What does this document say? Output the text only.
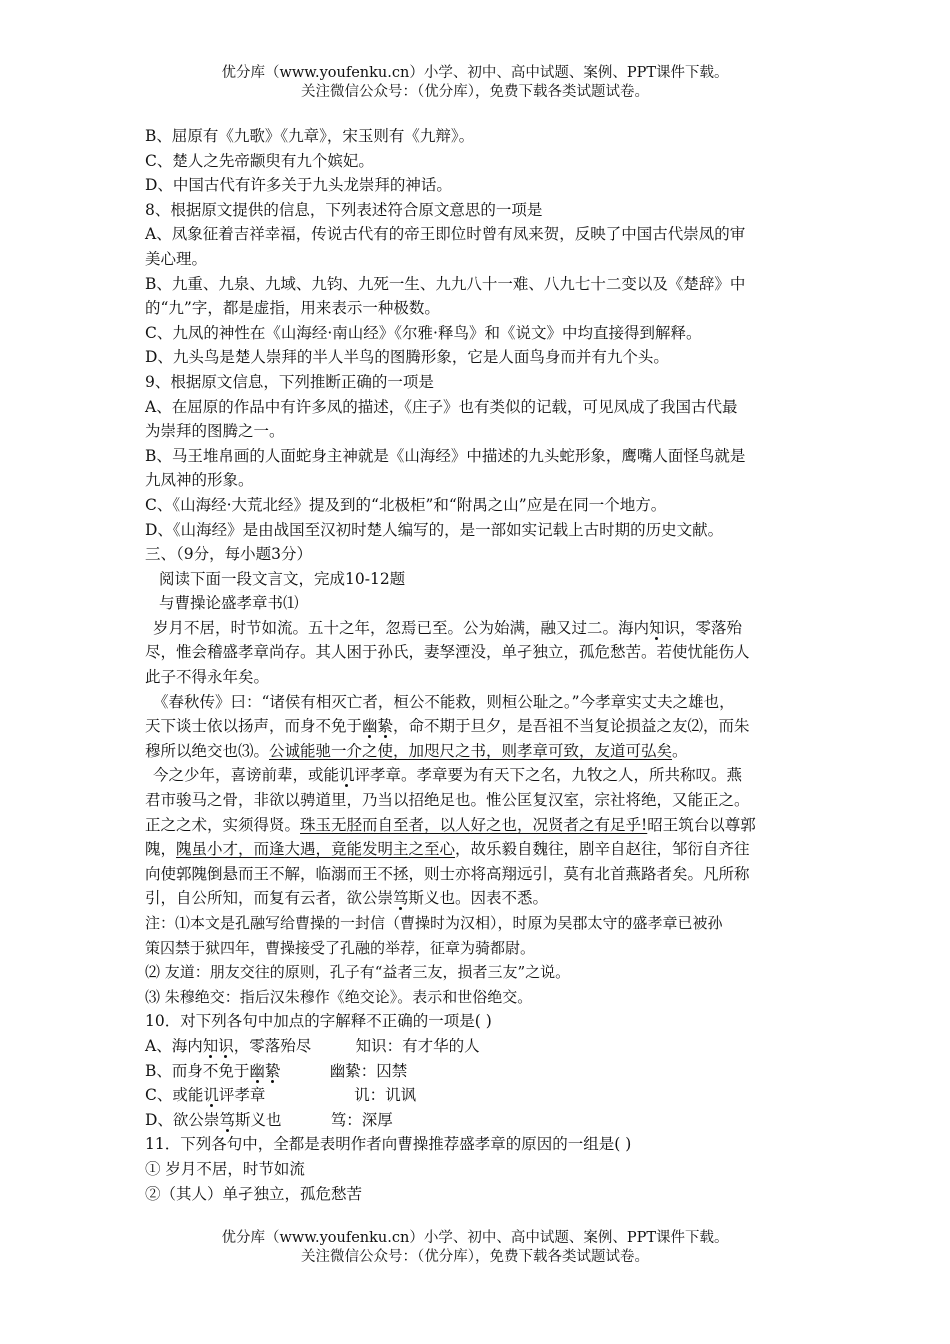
优分库（www.youfenku.cn）小学、初中、高中试题、案例、PPT课件下载。
关注微信公众号：（优分库），免费下载各类试题试卷。
B、屈原有《九歌》《九章》，宋玉则有《九辩》。
C、楚人之先帝颛臾有九个嫔妃。
D、中国古代有许多关于九头龙崇拜的神话。
8、根据原文提供的信息，下列表述符合原文意思的一项是
A、凤象征着吉祥幸福，传说古代有的帝王即位时曾有凤来贺，反映了中国古代崇凤的审
美心理。
B、九重、九泉、九域、九钧、九死一生、九九八十一难、八九七十二变以及《楚辞》中
的“九”字，都是虚指，用来表示一种极数。
C、九凤的神性在《山海经·南山经》《尔雅·释鸟》和《说文》中均直接得到解释。
D、九头鸟是楚人崇拜的半人半鸟的图腾形象，它是人面鸟身而并有九个头。
9、根据原文信息，下列推断正确的一项是
A、在屈原的作品中有许多凤的描述，《庄子》也有类似的记载，可见凤成了我国古代最
为崇拜的图腾之一。
B、马王堆帛画的人面蛇身主神就是《山海经》中描述的九头蛇形象，鹰嘴人面怪鸟就是
九凤神的形象。
C、《山海经·大荒北经》提及到的“北极柜”和“附禺之山”应是在同一个地方。
D、《山海经》是由战国至汉初时楚人编写的，是一部如实记载上古时期的历史文献。
三、（9分，每小题3分）
阅读下面一段文言文，完成10-12题
与曹操论盛孝章书⑴
岁月不居，时节如流。五十之年，忽焉已至。公为始满，融又过二。海内知识，零落殆
尽，惟会稽盛孝章尚存。其人困于孙氏，妻孥湮没，单孑独立，孤危愁苦。若使忧能伤人
此子不得永年矣。
《春秋传》曰：“诸侯有相灭亡者，桓公不能救，则桓公耻之。”今孝章实丈夫之雄也，
天下谈士依以扬声，而身不免于幽絷，命不期于旦夕，是吾祖不当复论损益之友⑵，而朱
穆所以绝交也⑶。公诚能驰一介之使，加咫尺之书，则孝章可致，友道可弘矣。
今之少年，喜谤前辈，或能讥评孝章。孝章要为有天下之名，九牧之人，所共称叹。燕
君市骏马之骨，非欲以骋道里，乃当以招绝足也。惟公匡复汉室，宗社将绝，又能正之。
正之之术，实须得贤。珠玉无胫而自至者，以人好之也，况贤者之有足乎!昭王筑台以尊郭
隗，隗虽小才，而逢大遇，竟能发明主之至心，故乐毅自魏往，剧辛自赵往，邹衍自齐往
向使郭隗倒悬而王不解，临溺而王不拯，则士亦将高翔远引，莫有北首燕路者矣。凡所称
引，自公所知，而复有云者，欲公崇笃斯义也。因表不悉。
注：⑴本文是孔融写给曹操的一封信（曹操时为汉相），时原为吴郡太守的盛孝章已被孙
策囚禁于狱四年，曹操接受了孔融的举荐，征章为骑都尉。
⑵ 友道：朋友交往的原则，孔子有“益者三友，损者三友”之说。
⑶ 朱穆绝交：指后汉朱穆作《绝交论》。表示和世俗绝交。
10．对下列各句中加点的字解释不正确的一项是( )
A、海内知识，零落殆尽         知识：有才华的人
B、而身不免于幽絷          幽絷：囚禁
C、或能讥评孝章                  讥：讥讽
D、欲公崇笃斯义也          笃：深厚
11．下列各句中，全都是表明作者向曹操推荐盛孝章的原因的一组是( )
① 岁月不居，时节如流
②（其人）单孑独立，孤危愁苦
优分库（www.youfenku.cn）小学、初中、高中试题、案例、PPT课件下载。
关注微信公众号：（优分库），免费下载各类试题试卷。
